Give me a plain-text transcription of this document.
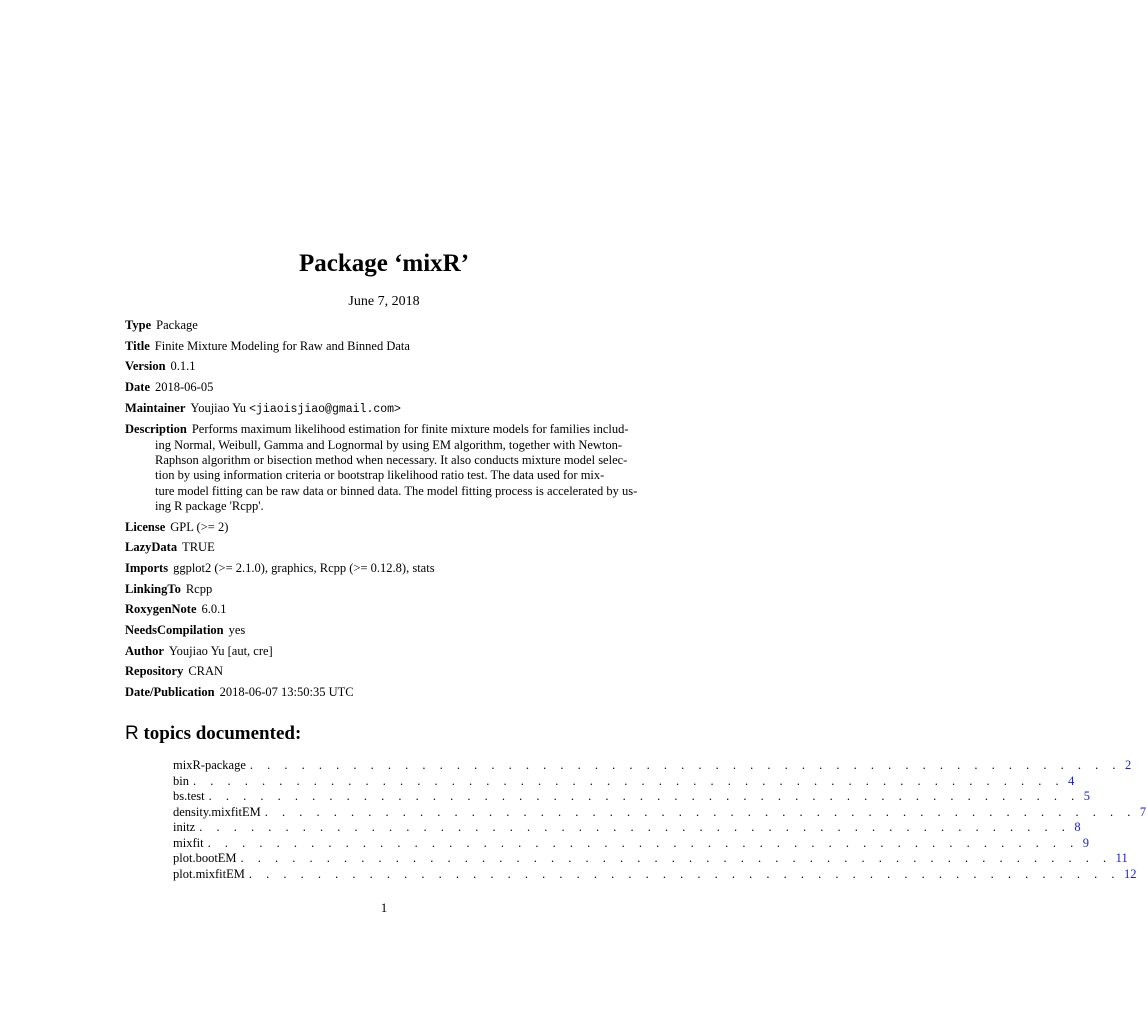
Package ‘mixR’
June 7, 2018
Type Package
Title Finite Mixture Modeling for Raw and Binned Data
Version 0.1.1
Date 2018-06-05
Maintainer Youjiao Yu <jiaoisjiao@gmail.com>
Description Performs maximum likelihood estimation for finite mixture models for families includ-
ing Normal, Weibull, Gamma and Lognormal by using EM algorithm, together with Newton-
Raphson algorithm or bisection method when necessary. It also conducts mixture model selec-
tion by using information criteria or bootstrap likelihood ratio test. The data used for mix-
ture model fitting can be raw data or binned data. The model fitting process is accelerated by us-
ing R package 'Rcpp'.
License GPL (>= 2)
LazyData TRUE
Imports ggplot2 (>= 2.1.0), graphics, Rcpp (>= 0.12.8), stats
LinkingTo Rcpp
RoxygenNote 6.0.1
NeedsCompilation yes
Author Youjiao Yu [aut, cre]
Repository CRAN
Date/Publication 2018-06-07 13:50:35 UTC
R topics documented:
mixR-package . . . . . . . . . . . . . . . . . . . . . . . . . . . . . . . . . . . . . . . . . . . . . . . . . . . 2
bin . . . . . . . . . . . . . . . . . . . . . . . . . . . . . . . . . . . . . . . . . . . . . . . . . . . 4
bs.test . . . . . . . . . . . . . . . . . . . . . . . . . . . . . . . . . . . . . . . . . . . . . . . . . . . 5
density.mixfitEM . . . . . . . . . . . . . . . . . . . . . . . . . . . . . . . . . . . . . . . . . . . . . . . . . . . 7
initz . . . . . . . . . . . . . . . . . . . . . . . . . . . . . . . . . . . . . . . . . . . . . . . . . . . 8
mixfit . . . . . . . . . . . . . . . . . . . . . . . . . . . . . . . . . . . . . . . . . . . . . . . . . . . 9
plot.bootEM . . . . . . . . . . . . . . . . . . . . . . . . . . . . . . . . . . . . . . . . . . . . . . . . . . . 11
plot.mixfitEM . . . . . . . . . . . . . . . . . . . . . . . . . . . . . . . . . . . . . . . . . . . . . . . . . . . 12
1
